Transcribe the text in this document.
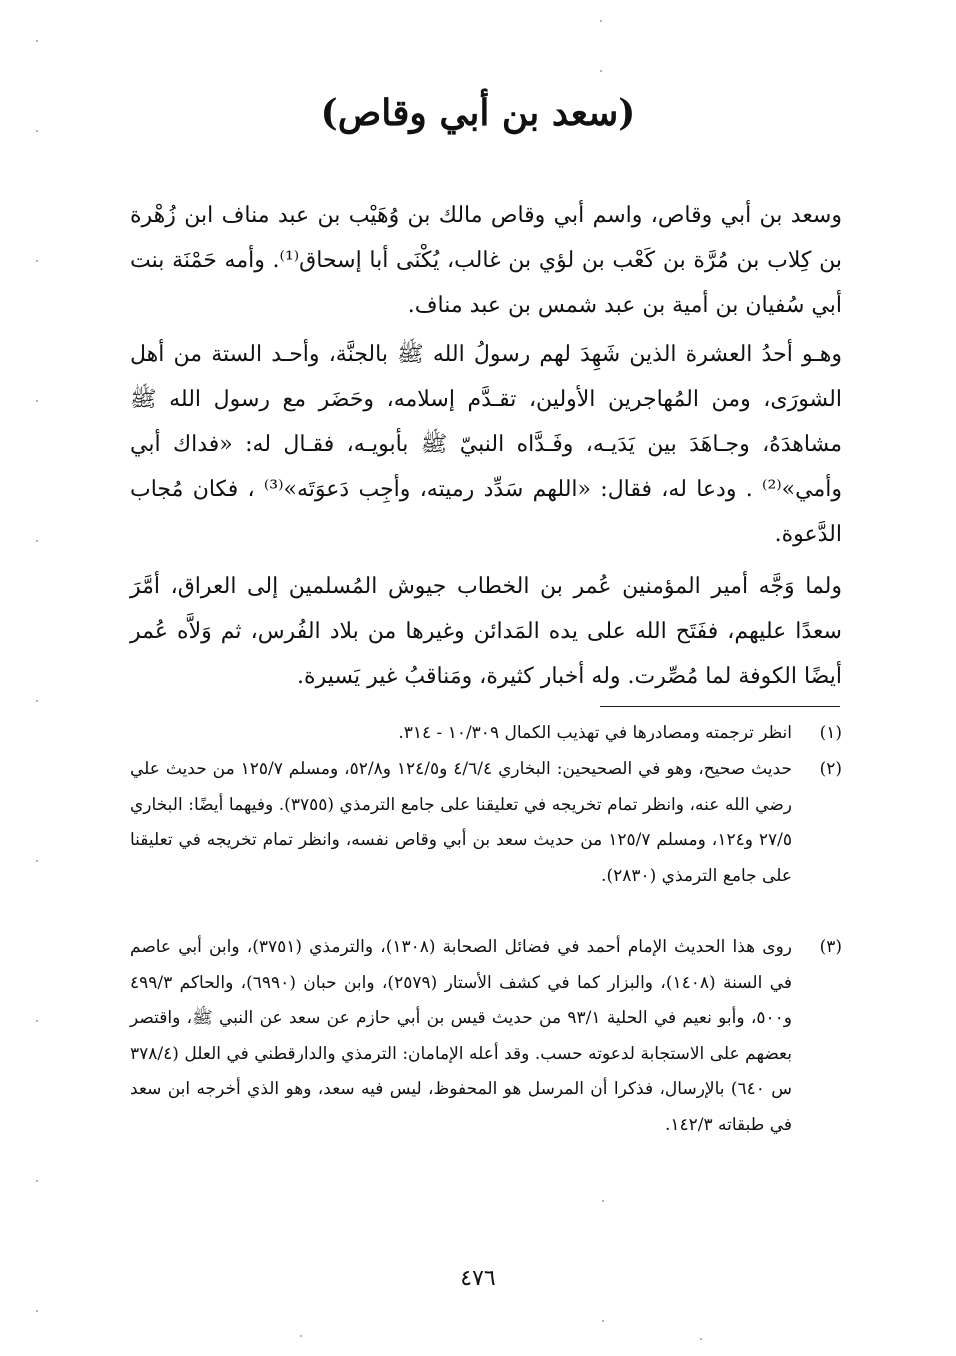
(سعد بن أبي وقاص)

وسعد بن أبي وقاص، واسم أبي وقاص مالك بن وُهَيْب بن عبد مناف ابن زُهْرة بن كِلاب بن مُرَّة بن كَعْب بن لؤي بن غالب، يُكْنَى أبا إسحاق⁽¹⁾. وأمه حَمْنَة بنت أبي سُفيان بن أمية بن عبد شمس بن عبد مناف.

وهـو أحدُ العشرة الذين شَهِدَ لهم رسولُ الله ﷺ بالجنَّة، وأحـد الستة من أهل الشورَى، ومن المُهاجرين الأولين، تقـدَّم إسلامه، وحَضَر مع رسول الله ﷺ مشاهدَهُ، وجـاهَدَ بين يَدَيـه، وفَـدَّاه النبيّ ﷺ بأبويـه، فقـال له: «فداك أبي وأمي»⁽²⁾ . ودعا له، فقال: «اللهم سَدِّد رميته، وأجِب دَعوَتَه»⁽³⁾ ، فكان مُجاب الدَّعوة.

ولما وَجَّه أمير المؤمنين عُمر بن الخطاب جيوش المُسلمين إلى العراق، أمَّرَ سعدًا عليهم، ففَتَح الله على يده المَدائن وغيرها من بلاد الفُرس، ثم وَلاَّه عُمر أيضًا الكوفة لما مُصِّرت. وله أخبار كثيرة، ومَناقبُ غير يَسيرة.

(١)
انظر ترجمته ومصادرها في تهذيب الكمال ١٠/٣٠٩ - ٣١٤.
(٢)
حديث صحيح، وهو في الصحيحين: البخاري ٤/٦/٤ و١٢٤/٥ و٥٢/٨، ومسلم ١٢٥/٧ من حديث علي رضي الله عنه، وانظر تمام تخريجه في تعليقنا على جامع الترمذي (٣٧٥٥). وفيهما أيضًا: البخاري ٢٧/٥ و١٢٤، ومسلم ١٢٥/٧ من حديث سعد بن أبي وقاص نفسه، وانظر تمام تخريجه في تعليقنا على جامع الترمذي (٢٨٣٠).
(٣)
روى هذا الحديث الإمام أحمد في فضائل الصحابة (١٣٠٨)، والترمذي (٣٧٥١)، وابن أبي عاصم في السنة (١٤٠٨)، والبزار كما في كشف الأستار (٢٥٧٩)، وابن حبان (٦٩٩٠)، والحاكم ٤٩٩/٣ و٥٠٠، وأبو نعيم في الحلية ٩٣/١ من حديث قيس بن أبي حازم عن سعد عن النبي ﷺ، واقتصر بعضهم على الاستجابة لدعوته حسب. وقد أعله الإمامان: الترمذي والدارقطني في العلل (٣٧٨/٤ س ٦٤٠) بالإرسال، فذكرا أن المرسل هو المحفوظ، ليس فيه سعد، وهو الذي أخرجه ابن سعد في طبقاته ١٤٢/٣.
٤٧٦
